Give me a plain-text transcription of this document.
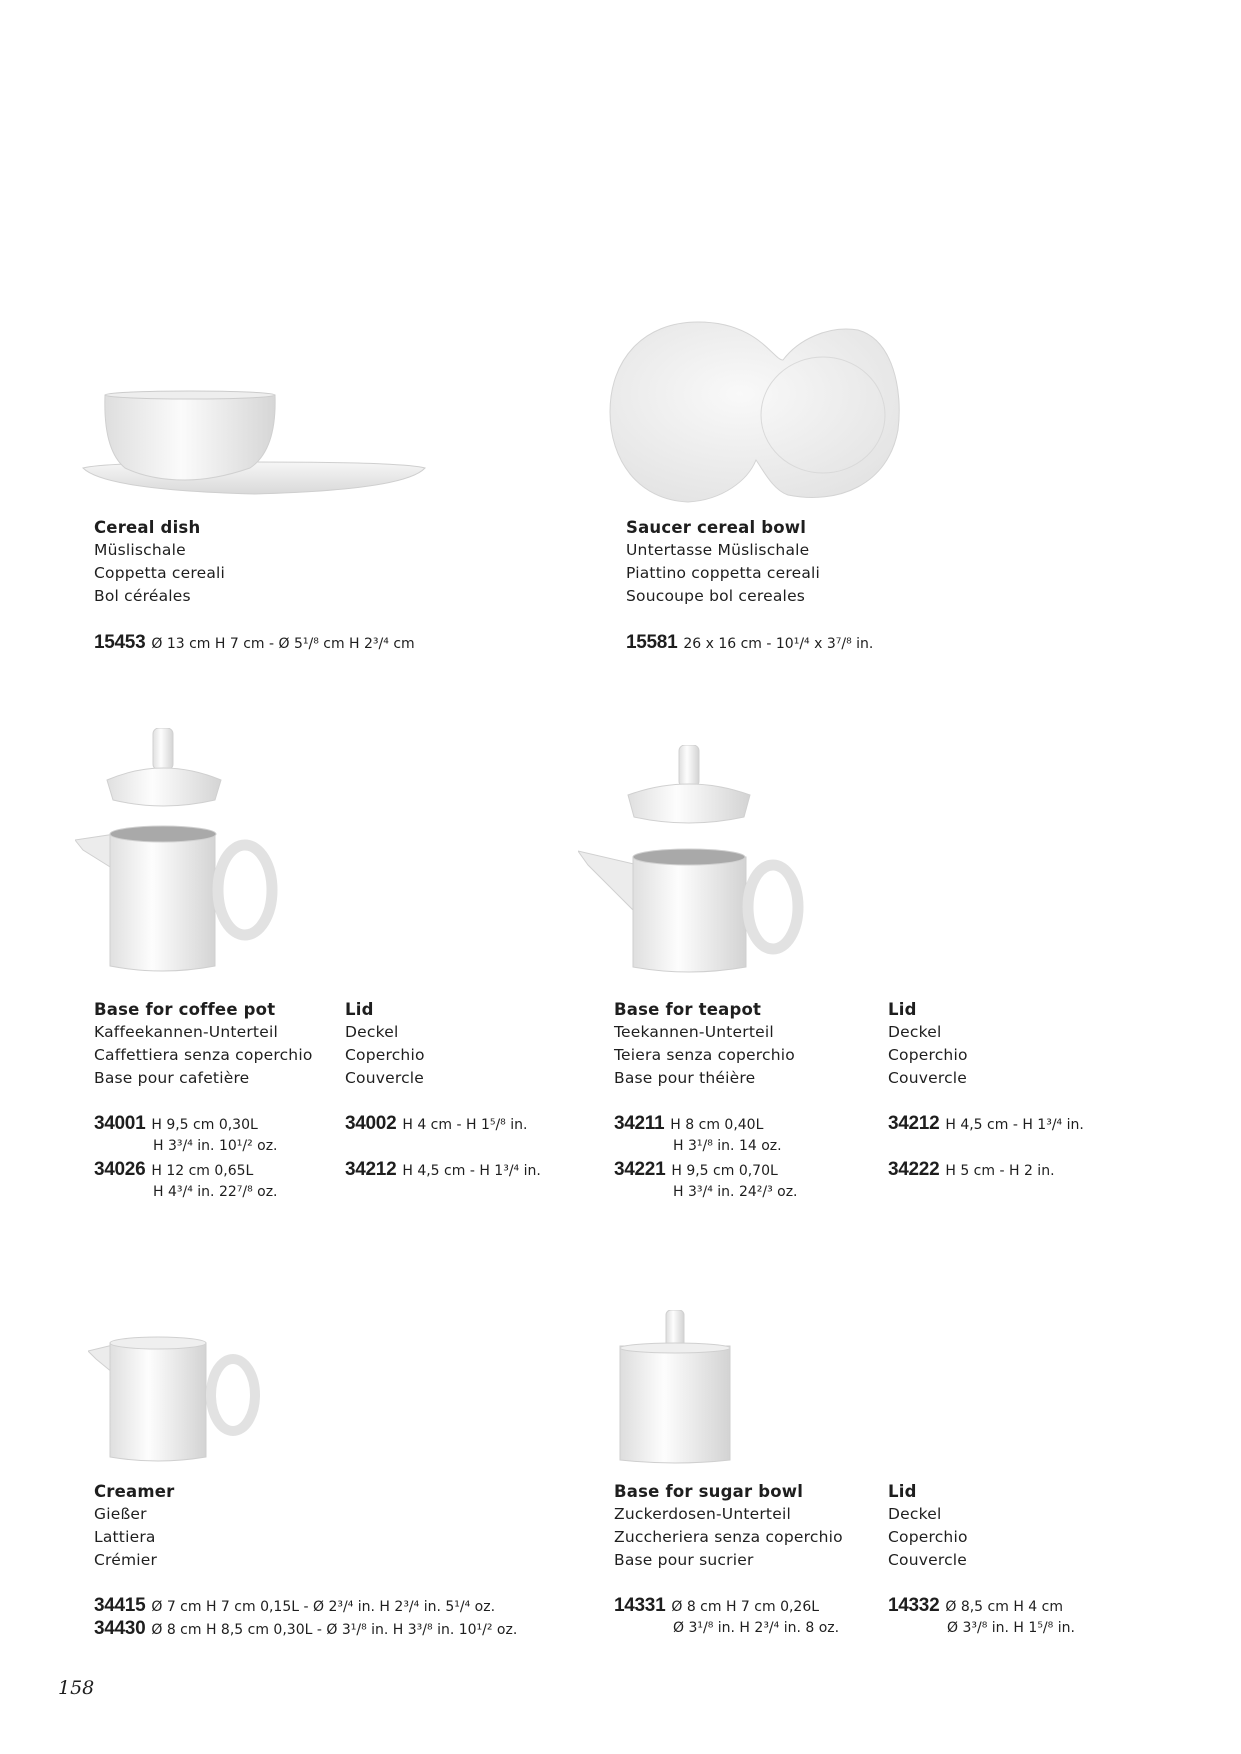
Cereal dish
Müslischale
Coppetta cereali
Bol céréales
15453 Ø 13 cm H 7 cm - Ø 5¹/⁸ cm H 2³/⁴ cm
Saucer cereal bowl
Untertasse Müslischale
Piattino coppetta cereali
Soucoupe bol cereales
15581 26 x 16 cm - 10¹/⁴ x 3⁷/⁸ in.
Base for coffee pot
Kaffeekannen-Unterteil
Caffettiera senza coperchio
Base pour cafetière
34001 H 9,5 cm 0,30L
H 3³/⁴ in. 10¹/² oz.
34026 H 12 cm 0,65L
H 4³/⁴ in. 22⁷/⁸ oz.
Lid
Deckel
Coperchio
Couvercle
34002 H 4 cm - H 1⁵/⁸ in.
34212 H 4,5 cm - H 1³/⁴ in.
Base for teapot
Teekannen-Unterteil
Teiera senza coperchio
Base pour théière
34211 H 8 cm 0,40L
H 3¹/⁸ in. 14 oz.
34221 H 9,5 cm 0,70L
H 3³/⁴ in. 24²/³ oz.
Lid
Deckel
Coperchio
Couvercle
34212 H 4,5 cm - H 1³/⁴ in.
34222 H 5 cm - H 2 in.
Creamer
Gießer
Lattiera
Crémier
34415 Ø 7 cm H 7 cm 0,15L - Ø 2³/⁴ in. H 2³/⁴ in. 5¹/⁴ oz.
34430 Ø 8 cm H 8,5 cm 0,30L - Ø 3¹/⁸ in. H 3³/⁸ in. 10¹/² oz.
Base for sugar bowl
Zuckerdosen-Unterteil
Zuccheriera senza coperchio
Base pour sucrier
14331 Ø 8 cm H 7 cm 0,26L
Ø 3¹/⁸ in. H 2³/⁴ in. 8 oz.
Lid
Deckel
Coperchio
Couvercle
14332 Ø 8,5 cm H 4 cm
Ø 3³/⁸ in. H 1⁵/⁸ in.
158
